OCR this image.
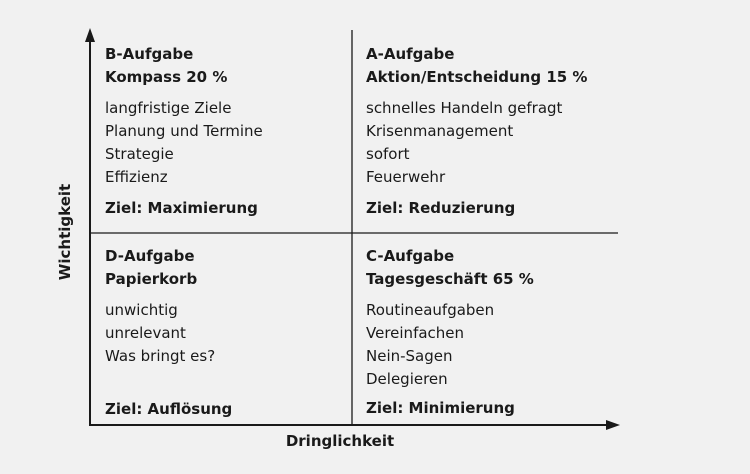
B-Aufgabe
Kompass 20 %
langfristige Ziele
Planung und Termine
Strategie
Effizienz
Ziel: Maximierung
A-Aufgabe
Aktion/Entscheidung 15 %
schnelles Handeln gefragt
Krisenmanagement
sofort
Feuerwehr
Ziel: Reduzierung
D-Aufgabe
Papierkorb
unwichtig
unrelevant
Was bringt es?
Ziel: Auflösung
C-Aufgabe
Tagesgeschäft 65 %
Routineaufgaben
Vereinfachen
Nein-Sagen
Delegieren
Ziel: Minimierung
Dringlichkeit
Wichtigkeit
